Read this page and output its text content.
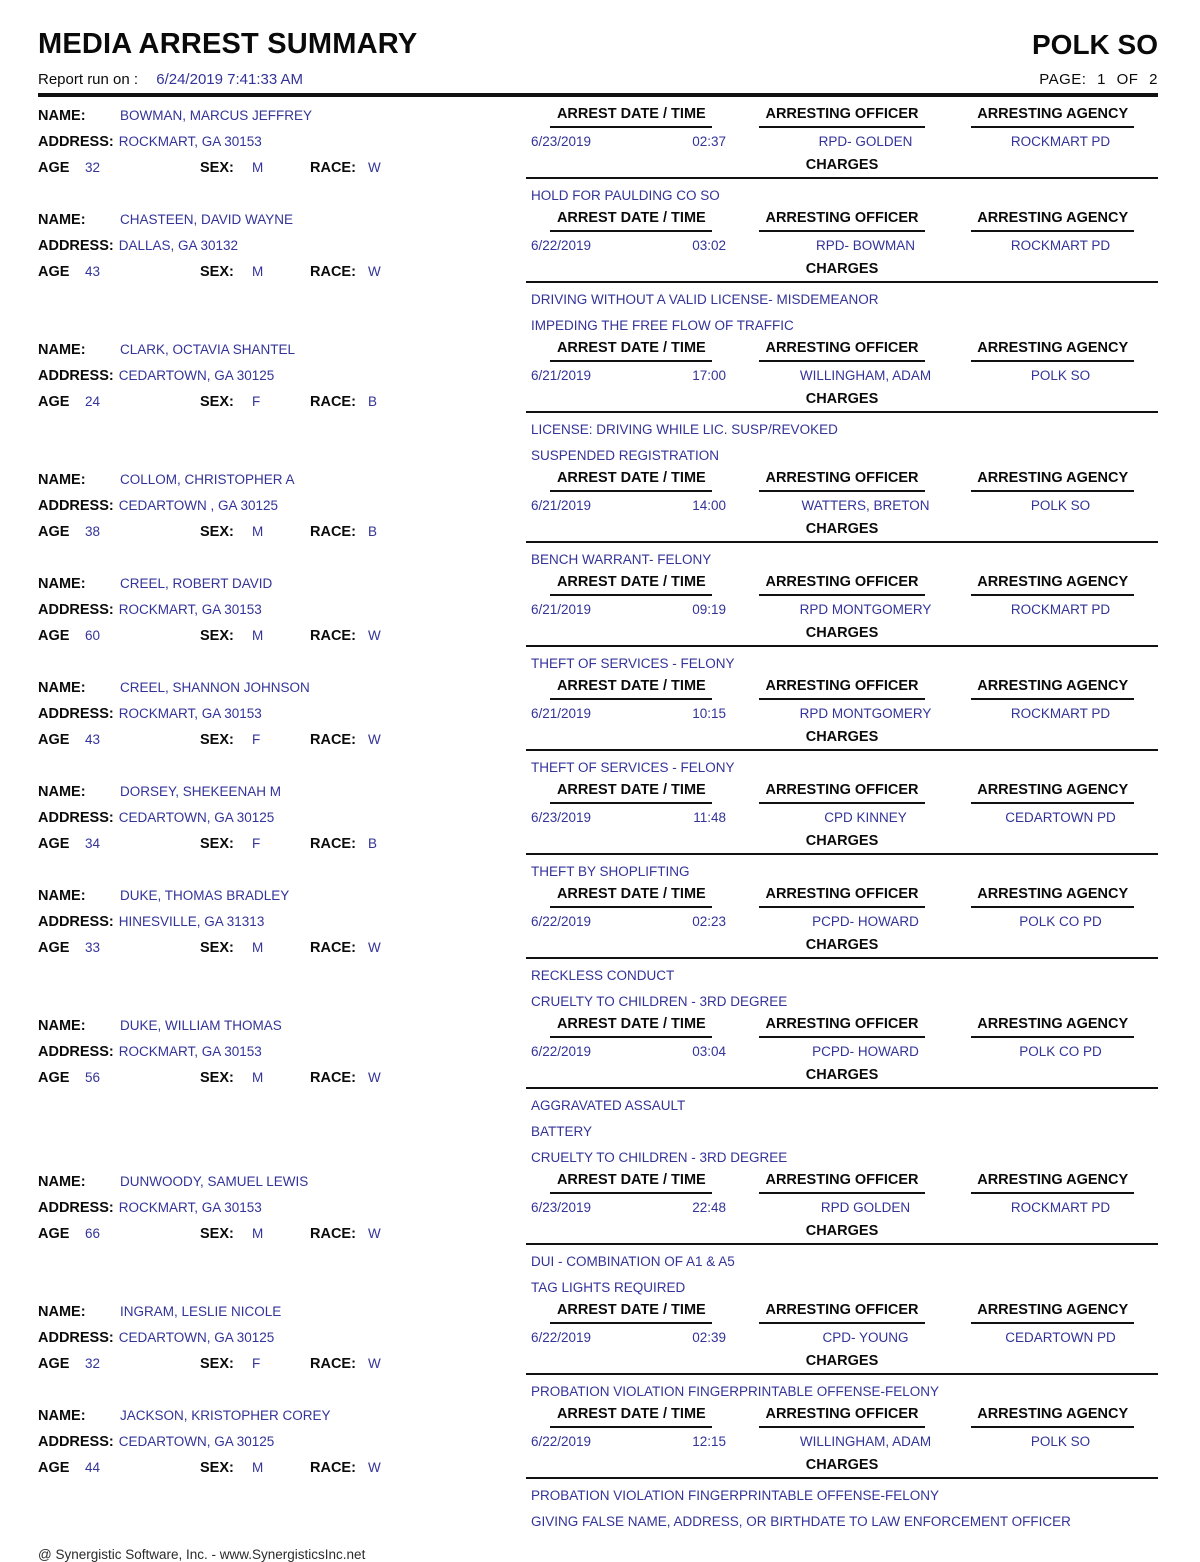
MEDIA ARREST SUMMARY	POLK SO
Report run on : 6/24/2019 7:41:33 AM	PAGE: 1 OF 2
NAME:	BOWMAN, MARCUS JEFFREY
ADDRESS: ROCKMART, GA 30153
AGE	32	SEX:	M	RACE: W
ARREST DATE / TIME	ARRESTING OFFICER	ARRESTING AGENCY
6/23/2019	02:37	RPD- GOLDEN	ROCKMART PD
CHARGES
HOLD FOR PAULDING CO SO
NAME:	CHASTEEN, DAVID WAYNE
ADDRESS: DALLAS, GA 30132
AGE	43	SEX:	M	RACE: W
ARREST DATE / TIME	ARRESTING OFFICER	ARRESTING AGENCY
6/22/2019	03:02	RPD- BOWMAN	ROCKMART PD
CHARGES
DRIVING WITHOUT A VALID LICENSE- MISDEMEANOR
IMPEDING THE FREE FLOW OF TRAFFIC
NAME:	CLARK, OCTAVIA SHANTEL
ADDRESS: CEDARTOWN, GA 30125
AGE	24	SEX:	F	RACE: B
ARREST DATE / TIME	ARRESTING OFFICER	ARRESTING AGENCY
6/21/2019	17:00	WILLINGHAM, ADAM	POLK SO
CHARGES
LICENSE: DRIVING WHILE LIC. SUSP/REVOKED
SUSPENDED REGISTRATION
NAME:	COLLOM, CHRISTOPHER A
ADDRESS: CEDARTOWN , GA 30125
AGE	38	SEX:	M	RACE: B
ARREST DATE / TIME	ARRESTING OFFICER	ARRESTING AGENCY
6/21/2019	14:00	WATTERS, BRETON	POLK SO
CHARGES
BENCH WARRANT- FELONY
NAME:	CREEL, ROBERT DAVID
ADDRESS: ROCKMART, GA 30153
AGE	60	SEX:	M	RACE: W
ARREST DATE / TIME	ARRESTING OFFICER	ARRESTING AGENCY
6/21/2019	09:19	RPD MONTGOMERY	ROCKMART PD
CHARGES
THEFT OF SERVICES - FELONY
NAME:	CREEL, SHANNON JOHNSON
ADDRESS: ROCKMART, GA 30153
AGE	43	SEX:	F	RACE: W
ARREST DATE / TIME	ARRESTING OFFICER	ARRESTING AGENCY
6/21/2019	10:15	RPD MONTGOMERY	ROCKMART PD
CHARGES
THEFT OF SERVICES - FELONY
NAME:	DORSEY, SHEKEENAH M
ADDRESS: CEDARTOWN, GA 30125
AGE	34	SEX:	F	RACE: B
ARREST DATE / TIME	ARRESTING OFFICER	ARRESTING AGENCY
6/23/2019	11:48	CPD KINNEY	CEDARTOWN PD
CHARGES
THEFT BY SHOPLIFTING
NAME:	DUKE, THOMAS BRADLEY
ADDRESS: HINESVILLE, GA 31313
AGE	33	SEX:	M	RACE: W
ARREST DATE / TIME	ARRESTING OFFICER	ARRESTING AGENCY
6/22/2019	02:23	PCPD- HOWARD	POLK CO PD
CHARGES
RECKLESS CONDUCT
CRUELTY TO CHILDREN - 3RD DEGREE
NAME:	DUKE, WILLIAM THOMAS
ADDRESS: ROCKMART, GA 30153
AGE	56	SEX:	M	RACE: W
ARREST DATE / TIME	ARRESTING OFFICER	ARRESTING AGENCY
6/22/2019	03:04	PCPD- HOWARD	POLK CO PD
CHARGES
AGGRAVATED ASSAULT
BATTERY
CRUELTY TO CHILDREN - 3RD DEGREE
NAME:	DUNWOODY, SAMUEL LEWIS
ADDRESS: ROCKMART, GA 30153
AGE	66	SEX:	M	RACE: W
ARREST DATE / TIME	ARRESTING OFFICER	ARRESTING AGENCY
6/23/2019	22:48	RPD GOLDEN	ROCKMART PD
CHARGES
DUI - COMBINATION OF A1 & A5
TAG LIGHTS REQUIRED
NAME:	INGRAM, LESLIE NICOLE
ADDRESS: CEDARTOWN, GA 30125
AGE	32	SEX:	F	RACE: W
ARREST DATE / TIME	ARRESTING OFFICER	ARRESTING AGENCY
6/22/2019	02:39	CPD- YOUNG	CEDARTOWN PD
CHARGES
PROBATION VIOLATION FINGERPRINTABLE OFFENSE-FELONY
NAME:	JACKSON, KRISTOPHER COREY
ADDRESS: CEDARTOWN, GA 30125
AGE	44	SEX:	M	RACE: W
ARREST DATE / TIME	ARRESTING OFFICER	ARRESTING AGENCY
6/22/2019	12:15	WILLINGHAM, ADAM	POLK SO
CHARGES
PROBATION VIOLATION FINGERPRINTABLE OFFENSE-FELONY
GIVING FALSE NAME, ADDRESS, OR BIRTHDATE TO LAW ENFORCEMENT OFFICER
@ Synergistic Software, Inc. - www.SynergisticsInc.net
